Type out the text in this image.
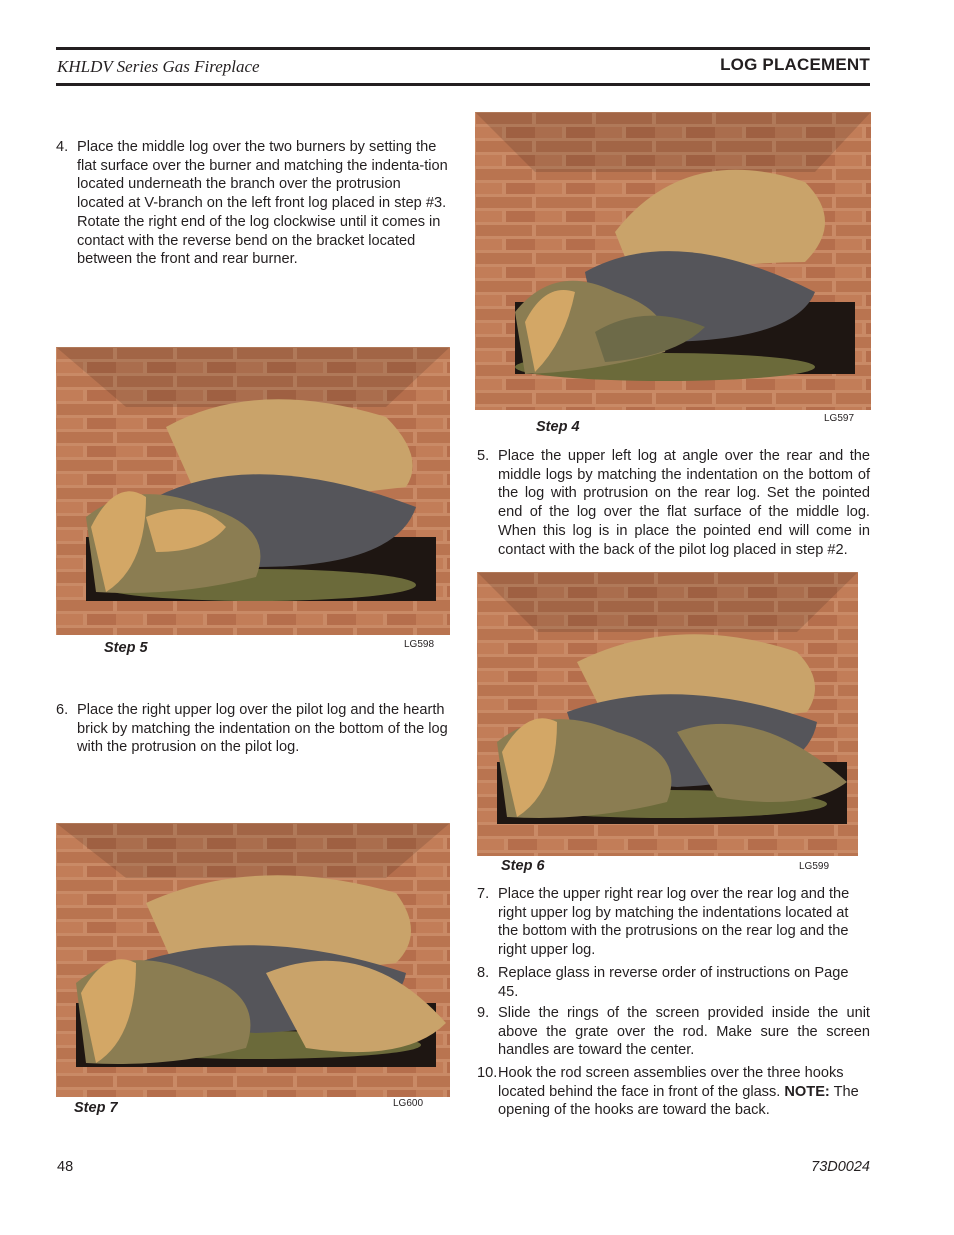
KHLDV Series Gas Fireplace	LOG PLACEMENT
4. Place the middle log over the two burners by setting the flat surface over the burner and matching the indenta-tion located underneath the branch over the protrusion located at V-branch on the left front log placed in step #3. Rotate the right end of the log clockwise until it comes in contact with the reverse bend on the bracket located between the front and rear burner.
Step 4
LG597
5. Place the upper left log at angle over the rear and the middle logs by matching the indentation on the bottom of the log with protrusion on the rear log. Set the pointed end of the log over the flat surface of the middle log. When this log is in place the pointed end will come in contact with the back of the pilot log placed in step #2.
Step 5	LG598
Step 6	LG599
6. Place the right upper log over the pilot log and the hearth brick by matching the indentation on the bottom of the log with the protrusion on the pilot log.
Step 7	LG600
7. Place the upper right rear log over the rear log and the right upper log by matching the indentations located at the bottom with the protrusions on the rear log and the right upper log.
8. Replace glass in reverse order of instructions on Page 45.
9. Slide the rings of the screen provided inside the unit above the grate over the rod. Make sure the screen handles are toward the center.
10. Hook the rod screen assemblies over the three hooks located behind the face in front of the glass. NOTE: The opening of the hooks are toward the back.
48	73D0024
